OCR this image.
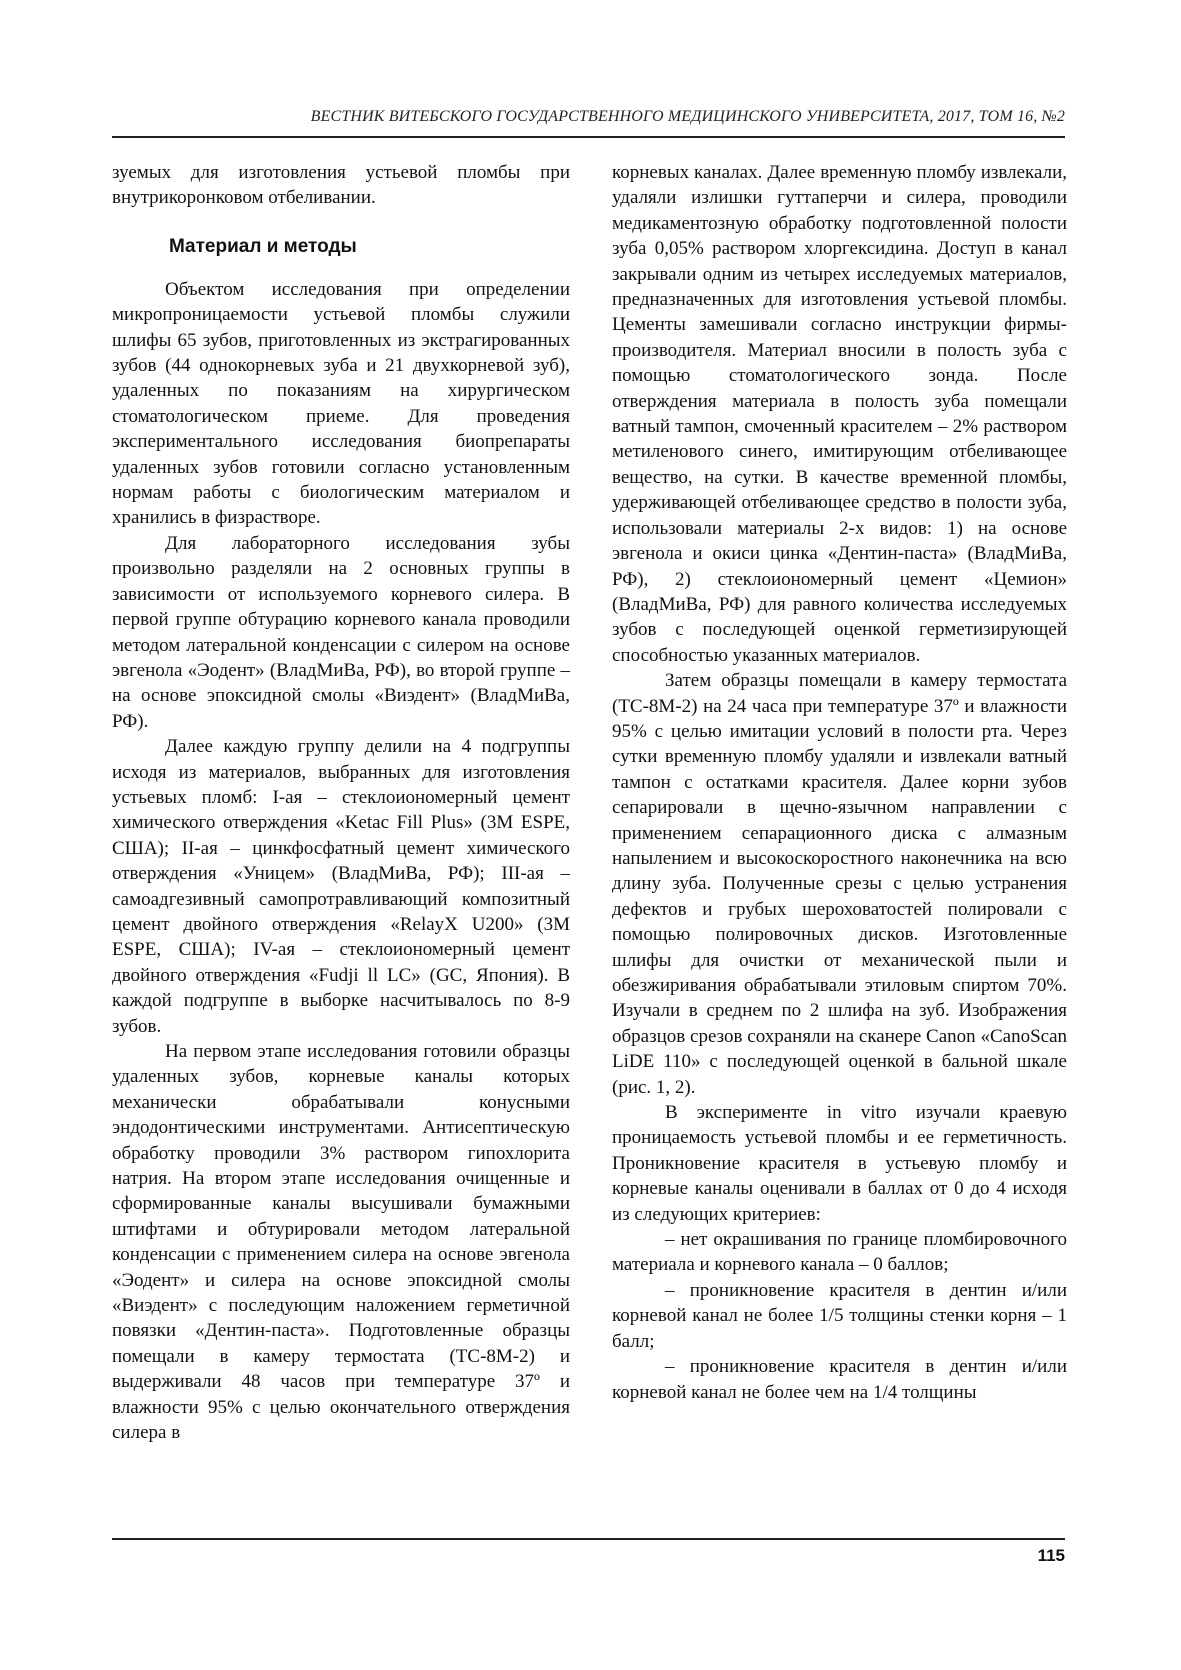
ВЕСТНИК ВИТЕБСКОГО ГОСУДАРСТВЕННОГО МЕДИЦИНСКОГО УНИВЕРСИТЕТА, 2017, ТОМ 16, №2

зуемых для изготовления устьевой пломбы при внутрикоронковом отбеливании.

Материал и методы

Объектом исследования при определении микропроницаемости устьевой пломбы служили шлифы 65 зубов, приготовленных из экстрагированных зубов (44 однокорневых зуба и 21 двухкорневой зуб), удаленных по показаниям на хирургическом стоматологическом приеме. Для проведения экспериментального исследования биопрепараты удаленных зубов готовили согласно установленным нормам работы с биологическим материалом и хранились в физрастворе.

Для лабораторного исследования зубы произвольно разделяли на 2 основных группы в зависимости от используемого корневого силера. В первой группе обтурацию корневого канала проводили методом латеральной конденсации с силером на основе эвгенола «Эодент» (ВладМиВа, РФ), во второй группе – на основе эпоксидной смолы «Виэдент» (ВладМиВа, РФ).

Далее каждую группу делили на 4 подгруппы исходя из материалов, выбранных для изготовления устьевых пломб: I-ая – стеклоиономерный цемент химического отверждения «Ketac Fill Plus» (3M ESPE, США); II-ая – цинкфосфатный цемент химического отверждения «Уницем» (ВладМиВа, РФ); III-ая – самоадгезивный самопротравливающий композитный цемент двойного отверждения «RelayX U200» (3M ESPE, США); IV-ая – стеклоиономерный цемент двойного отверждения «Fudji ll LC» (GC, Япония). В каждой подгруппе в выборке насчитывалось по 8-9 зубов.

На первом этапе исследования готовили образцы удаленных зубов, корневые каналы которых механически обрабатывали конусными эндодонтическими инструментами. Антисептическую обработку проводили 3% раствором гипохлорита натрия. На втором этапе исследования очищенные и сформированные каналы высушивали бумажными штифтами и обтурировали методом латеральной конденсации с применением силера на основе эвгенола «Эодент» и силера на основе эпоксидной смолы «Виэдент» с последующим наложением герметичной повязки «Дентин-паста». Подготовленные образцы помещали в камеру термостата (ТС-8М-2) и выдерживали 48 часов при температуре 37º и влажности 95% с целью окончательного отверждения силера в

корневых каналах. Далее временную пломбу извлекали, удаляли излишки гуттаперчи и силера, проводили медикаментозную обработку подготовленной полости зуба 0,05% раствором хлоргексидина. Доступ в канал закрывали одним из четырех исследуемых материалов, предназначенных для изготовления устьевой пломбы. Цементы замешивали согласно инструкции фирмы-производителя. Материал вносили в полость зуба с помощью стоматологического зонда. После отверждения материала в полость зуба помещали ватный тампон, смоченный красителем – 2% раствором метиленового синего, имитирующим отбеливающее вещество, на сутки. В качестве временной пломбы, удерживающей отбеливающее средство в полости зуба, использовали материалы 2-х видов: 1) на основе эвгенола и окиси цинка «Дентин-паста» (ВладМиВа, РФ), 2) стеклоиономерный цемент «Цемион» (ВладМиВа, РФ) для равного количества исследуемых зубов с последующей оценкой герметизирующей способностью указанных материалов.

Затем образцы помещали в камеру термостата (ТС-8М-2) на 24 часа при температуре 37º и влажности 95% с целью имитации условий в полости рта. Через сутки временную пломбу удаляли и извлекали ватный тампон с остатками красителя. Далее корни зубов сепарировали в щечно-язычном направлении с применением сепарационного диска с алмазным напылением и высокоскоростного наконечника на всю длину зуба. Полученные срезы с целью устранения дефектов и грубых шероховатостей полировали с помощью полировочных дисков. Изготовленные шлифы для очистки от механической пыли и обезжиривания обрабатывали этиловым спиртом 70%. Изучали в среднем по 2 шлифа на зуб. Изображения образцов срезов сохраняли на сканере Canon «CanoScan LiDE 110» с последующей оценкой в бальной шкале (рис. 1, 2).

В эксперименте in vitro изучали краевую проницаемость устьевой пломбы и ее герметичность. Проникновение красителя в устьевую пломбу и корневые каналы оценивали в баллах от 0 до 4 исходя из следующих критериев:

– нет окрашивания по границе пломбировочного материала и корневого канала – 0 баллов;

– проникновение красителя в дентин и/или корневой канал не более 1/5 толщины стенки корня – 1 балл;

– проникновение красителя в дентин и/или корневой канал не более чем на 1/4 толщины

115
